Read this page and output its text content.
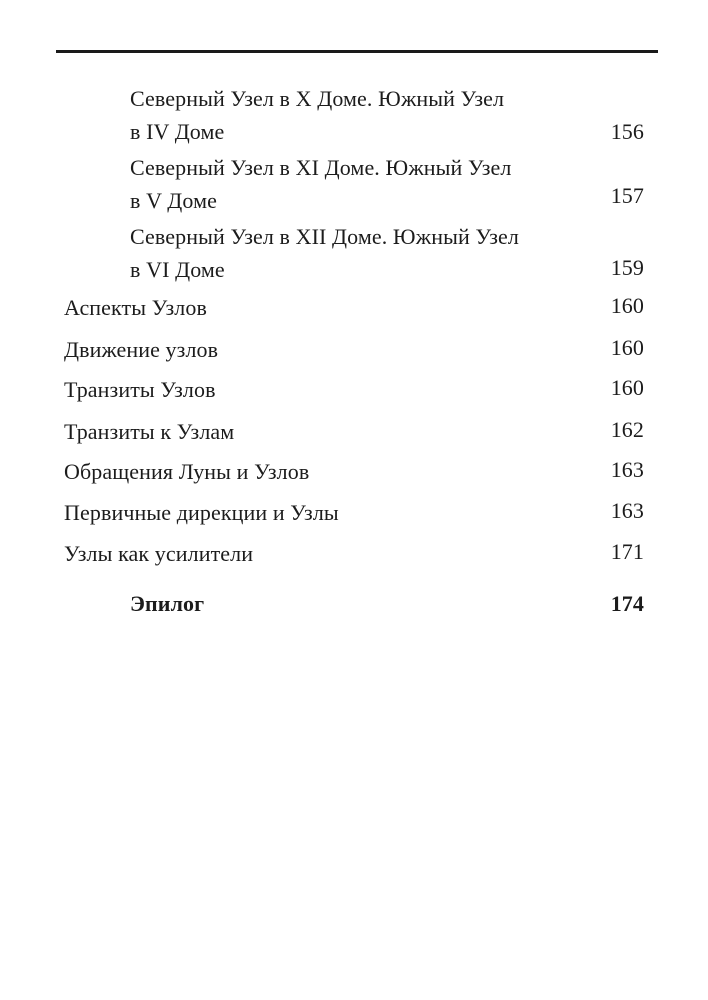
Северный Узел в X Доме. Южный Узел
в IV Доме	156
Северный Узел в XI Доме. Южный Узел
в V Доме	157
Северный Узел в XII Доме. Южный Узел
в VI Доме	159
Аспекты Узлов	160
Движение узлов	160
Транзиты Узлов	160
Транзиты к Узлам	162
Обращения Луны и Узлов	163
Первичные дирекции и Узлы	163
Узлы как усилители	171
Эпилог	174
